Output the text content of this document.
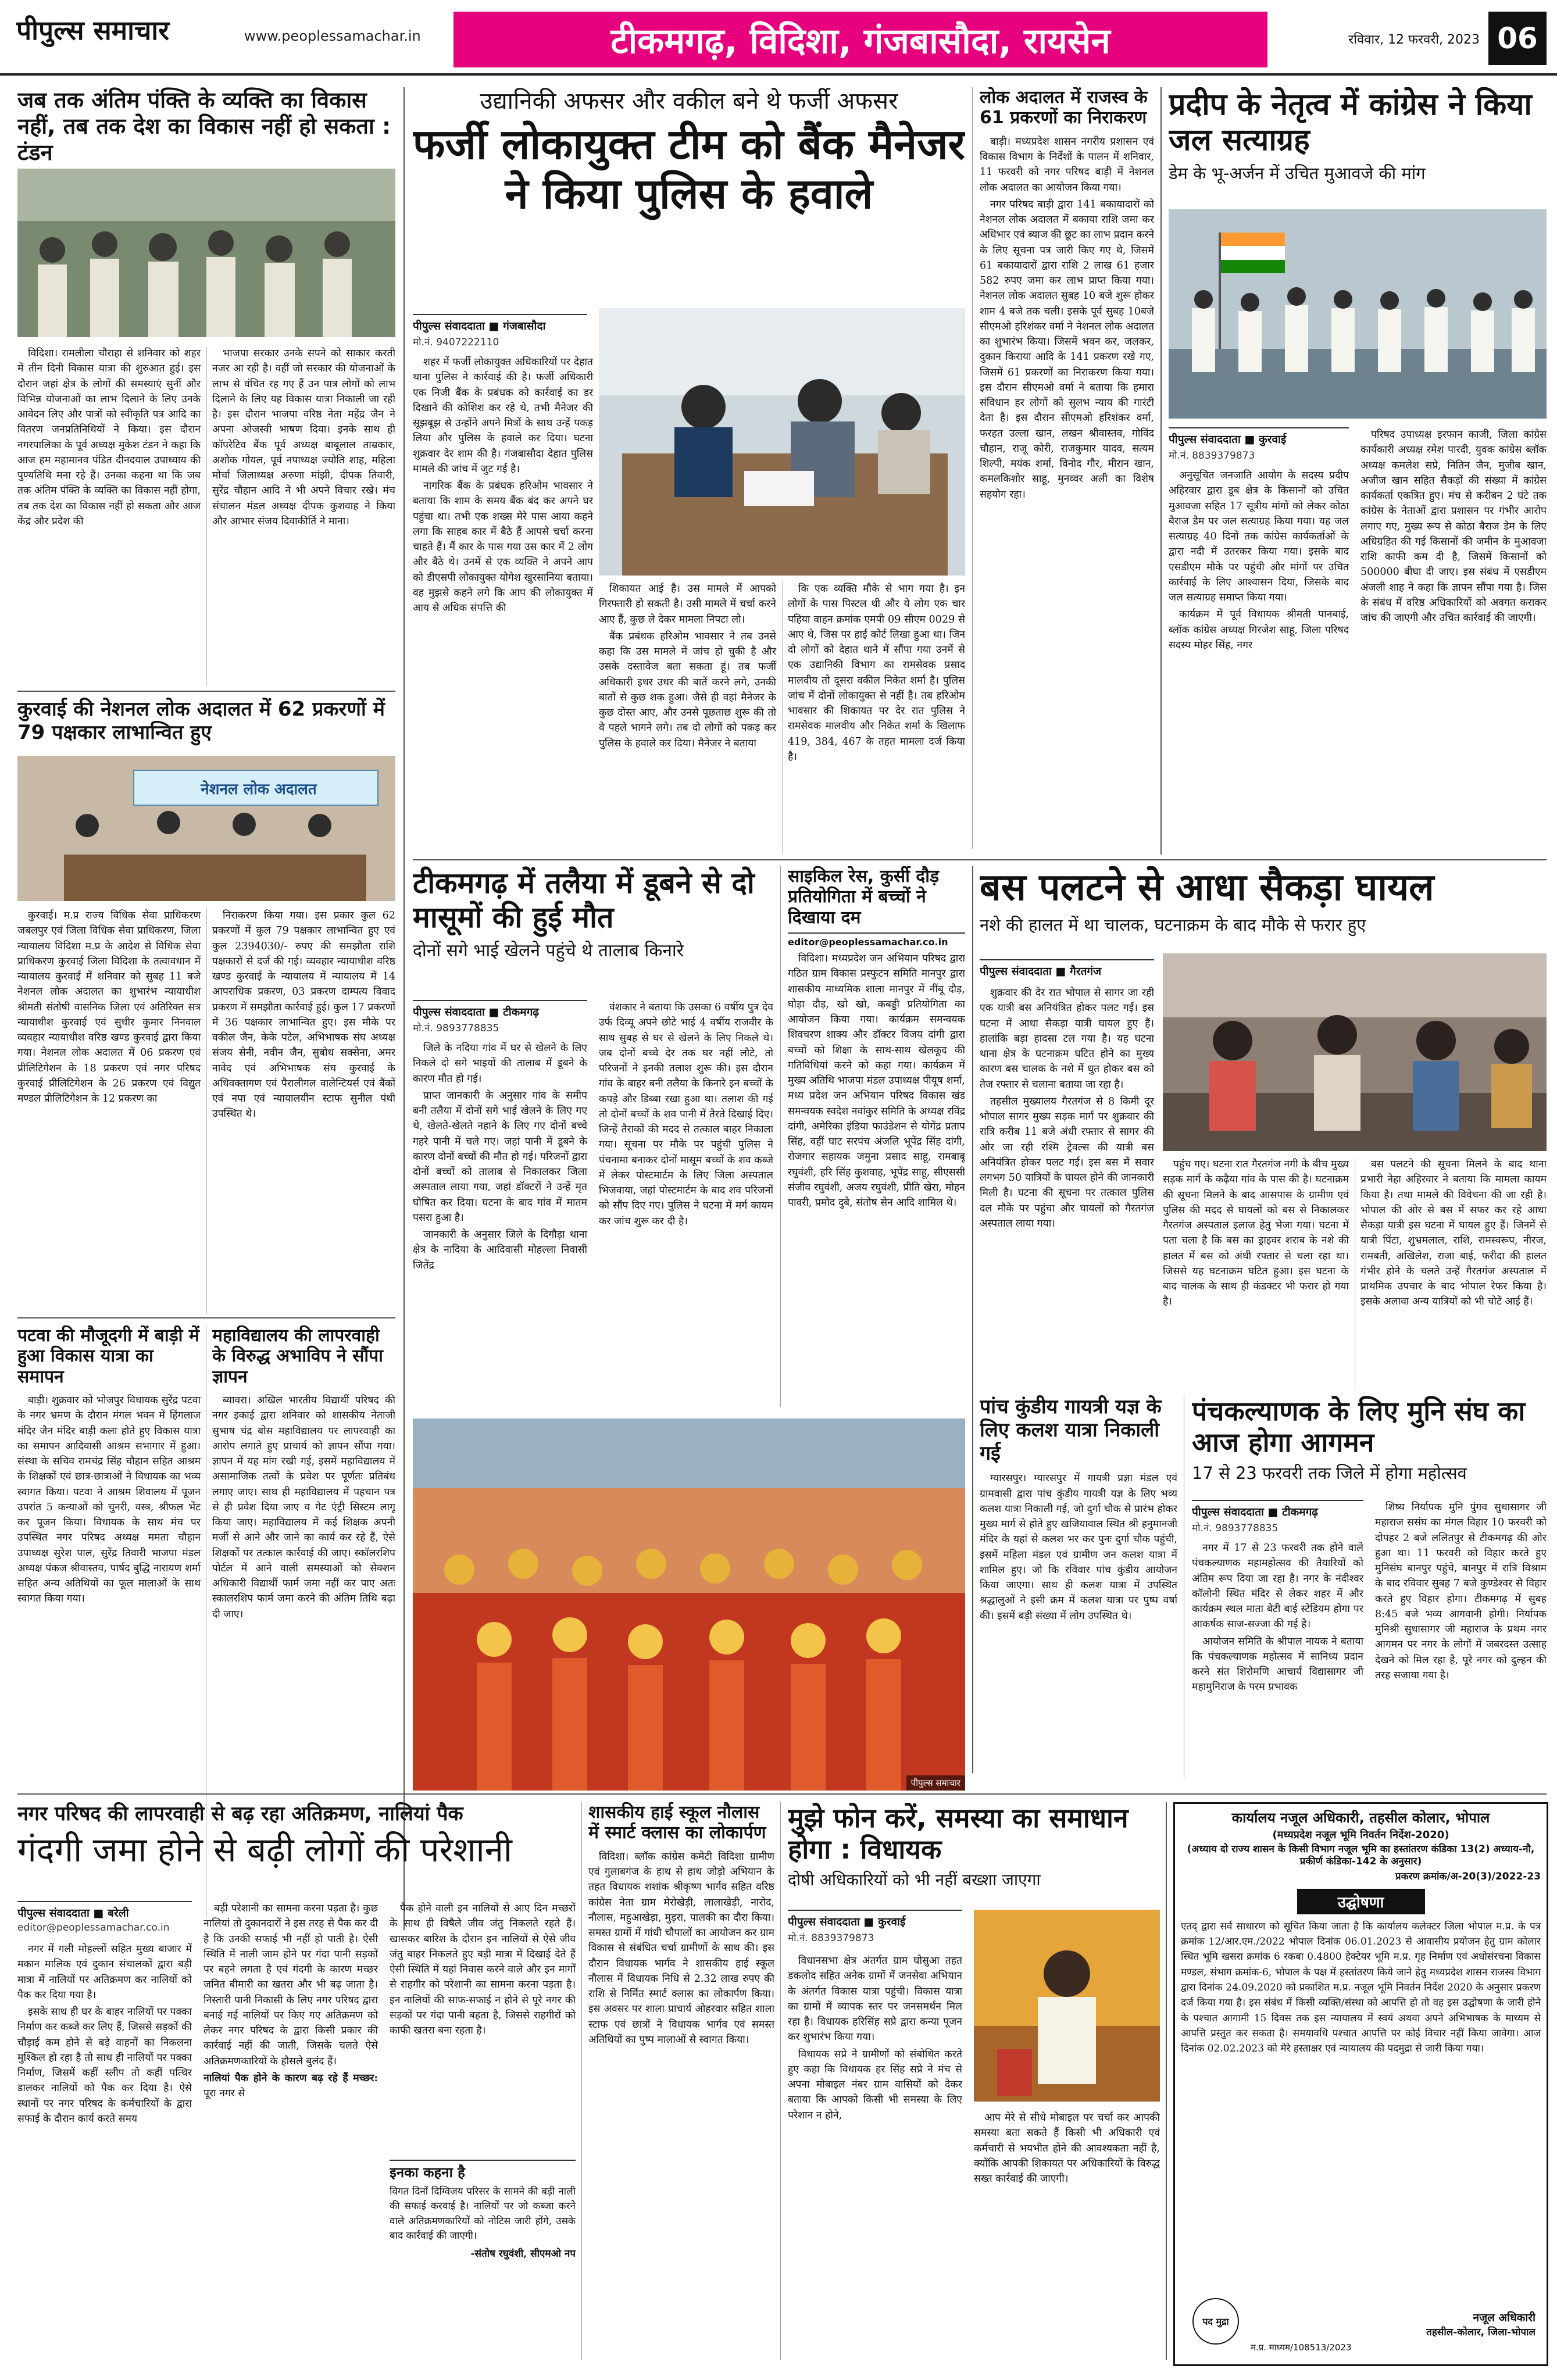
पीपुल्स समाचार	www.peoplessamachar.in	टीकमगढ़, विदिशा, गंजबासौदा, रायसेन	रविवार, 12 फरवरी, 2023 06
जब तक अंतिम पंक्ति के व्यक्ति का विकास नहीं, तब तक देश का विकास नहीं हो सकता : टंडन

विदिशा। रामलीला चौराहा से शनिवार को शहर में तीन दिनी विकास यात्रा की शुरुआत हुई। इस दौरान जहां क्षेत्र के लोगों की समस्याएं सुनीं और विभिन्न योजनाओं का लाभ दिलाने के लिए उनके आवेदन लिए और पात्रों को स्वीकृति पत्र आदि का वितरण जनप्रतिनिधियों ने किया। इस दौरान नगरपालिका के पूर्व अध्यक्ष मुकेश टंडन ने कहा कि आज हम महामानव पंडित दीनदयाल उपाध्याय की पुण्यतिथि मना रहे हैं। उनका कहना था कि जब तक अंतिम पंक्ति के व्यक्ति का विकास नहीं होगा, तब तक देश का विकास नहीं हो सकता और आज केंद्र और प्रदेश की

भाजपा सरकार उनके सपने को साकार करती नजर आ रही है। वहीं जो सरकार की योजनाओं के लाभ से वंचित रह गए हैं उन पात्र लोगों को लाभ दिलाने के लिए यह विकास यात्रा निकाली जा रही है। इस दौरान भाजपा वरिष्ठ नेता महेंद्र जैन ने अपना ओजस्वी भाषण दिया। इनके साथ ही कॉपरेटिव बैंक पूर्व अध्यक्ष बाबूलाल ताम्रकार, अशोक गोयल, पूर्व नपाध्यक्ष ज्योति शाह, महिला मोर्चा जिलाध्यक्ष अरुणा मांझी, दीपक तिवारी, सुरेंद्र चौहान आदि ने भी अपने विचार रखे। मंच संचालन मंडल अध्यक्ष दीपक कुशवाह ने किया और आभार संजय दिवाकीर्ति ने माना।

कुरवाई की नेशनल लोक अदालत में 62 प्रकरणों में 79 पक्षकार लाभान्वित हुए
नेशनल लोक अदालत

कुरवाई। म.प्र राज्य विधिक सेवा प्राधिकरण जबलपुर एवं जिला विधिक सेवा प्राधिकरण, जिला न्यायालय विदिशा म.प्र के आदेश से विधिक सेवा प्राधिकरण कुरवाई जिला विदिशा के तत्वावधान में न्यायालय कुरवाई में शनिवार को सुबह 11 बजे नेशनल लोक अदालत का शुभारंभ न्यायाधीश श्रीमती संतोषी वासनिक जिला एवं अतिरिक्त सत्र न्यायाधीश कुरवाई एवं सुधीर कुमार निनवाल व्यवहार न्यायाधीश वरिष्ठ खण्ड कुरवाई द्वारा किया गया। नेशनल लोक अदालत में 06 प्रकरण एवं प्रीलिटिगेशन के 18 प्रकरण एवं नगर परिषद कुरवाई प्रीलिटिगेशन के 26 प्रकरण एवं विद्युत मण्डल प्रीलिटिगेशन के 12 प्रकरण का

निराकरण किया गया। इस प्रकार कुल 62 प्रकरणों में कुल 79 पक्षकार लाभान्वित हुए एवं कुल 2394030/- रुपए की समझौता राशि पक्षकारों से दर्ज की गई। व्यवहार न्यायाधीश वरिष्ठ खण्ड कुरवाई के न्यायालय में न्यायालय में 14 आपराधिक प्रकरण, 03 प्रकरण दाम्पत्य विवाद प्रकरण में समझौता कार्रवाई हुई। कुल 17 प्रकरणों में 36 पक्षकार लाभान्वित हुए। इस मौके पर वकील जैन, केके पटेल, अभिभाषक संघ अध्यक्ष संजय सेनी, नवीन जैन, सुबोध सक्सेना, अमर नावेद एवं अभिभाषक संघ कुरवाई के अधिवक्तागण एवं पैरालीगल वालेन्टियर्स एवं बैंकों एवं नपा एवं न्यायालयीन स्टाफ सुनील पंथी उपस्थित थे।

पटवा की मौजूदगी में बाड़ी में हुआ विकास यात्रा का समापन

बाड़ी। शुक्रवार को भोजपुर विधायक सुरेंद्र पटवा के नगर भ्रमण के दौरान मंगल भवन में हिंगलाज मंदिर जैन मंदिर बाड़ी कला होते हुए विकास यात्रा का समापन आदिवासी आश्रम सभागार में हुआ। संस्था के सचिव रामचंद्र सिंह चौहान सहित आश्रम के शिक्षकों एवं छात्र-छात्राओं ने विधायक का भव्य स्वागत किया। पटवा ने आश्रम शिवालय में पूजन उपरांत 5 कन्याओं को चुनरी, वस्त्र, श्रीफल भेंट कर पूजन किया। विधायक के साथ मंच पर उपस्थित नगर परिषद अध्यक्ष ममता चौहान उपाध्यक्ष सुरेश पाल, सुरेंद्र तिवारी भाजपा मंडल अध्यक्ष पंकज श्रीवास्तव, पार्षद बुद्धि नारायण शर्मा सहित अन्य अतिथियों का फूल मालाओं के साथ स्वागत किया गया।

महाविद्यालय की लापरवाही के विरुद्ध अभाविप ने सौंपा ज्ञापन

ब्यावरा। अखिल भारतीय विद्यार्थी परिषद की नगर इकाई द्वारा शनिवार को शासकीय नेताजी सुभाष चंद्र बोस महाविद्यालय पर लापरवाही का आरोप लगाते हुए प्राचार्य को ज्ञापन सौंपा गया। ज्ञापन में यह मांग रखी गई, इसमें महाविद्यालय में असामाजिक तत्वों के प्रवेश पर पूर्णतः प्रतिबंध लगाए जाए। साथ ही महाविद्यालय में पहचान पत्र से ही प्रवेश दिया जाए व गेट एंट्री सिस्टम लागू किया जाए। महाविद्यालय में कई शिक्षक अपनी मर्जी से आने और जाने का कार्य कर रहे हैं, ऐसे शिक्षकों पर तत्काल कार्रवाई की जाए। स्कॉलरशिप पोर्टल में आने वाली समस्याओं को सेक्शन अधिकारी विद्यार्थी फार्म जमा नहीं कर पाए अतः स्कालरशिप फार्म जमा करने की अंतिम तिथि बढ़ा दी जाए।

उद्यानिकी अफसर और वकील बने थे फर्जी अफसर
फर्जी लोकायुक्त टीम को बैंक मैनेजर ने किया पुलिस के हवाले
पीपुल्स संवाददाता ■ गंजबासौदा
मो.नं. 9407222110

शहर में फर्जी लोकायुक्त अधिकारियों पर देहात थाना पुलिस ने कार्रवाई की है। फर्जी अधिकारी एक निजी बैंक के प्रबंधक को कार्रवाई का डर दिखाने की कोशिश कर रहे थे, तभी मैनेजर की सूझबूझ से उन्होंने अपने मित्रों के साथ उन्हें पकड़ लिया और पुलिस के हवाले कर दिया। घटना शुक्रवार देर शाम की है। गंजबासौदा देहात पुलिस मामले की जांच में जुट गई है।

नागरिक बैंक के प्रबंधक हरिओम भावसार ने बताया कि शाम के समय बैंक बंद कर अपने घर पहुंचा था। तभी एक शख्स मेरे पास आया कहने लगा कि साहब कार में बैठे हैं आपसे चर्चा करना चाहते हैं। मैं कार के पास गया उस कार में 2 लोग और बैठे थे। उनमें से एक व्यक्ति ने अपने आप को डीएसपी लोकायुक्त योगेश खुरसानिया बताया। वह मुझसे कहने लगे कि आप की लोकायुक्त में आय से अधिक संपत्ति की

शिकायत आई है। उस मामले में आपको गिरफ्तारी हो सकती है। उसी मामले में चर्चा करने आए हैं, कुछ ले देकर मामला निपटा लो।

बैंक प्रबंधक हरिओम भावसार ने तब उनसे कहा कि उस मामले में जांच हो चुकी है और उसके दस्तावेज बता सकता हूं। तब फर्जी अधिकारी इधर उधर की बातें करने लगे, उनकी बातों से कुछ शक हुआ। जैसे ही वहां मैनेजर के कुछ दोस्त आए, और उनसे पूछताछ शुरू की तो वे पहले भागने लगे। तब दो लोगों को पकड़ कर पुलिस के हवाले कर दिया। मैनेजर ने बताया

कि एक व्यक्ति मौके से भाग गया है। इन लोगों के पास पिस्टल थी और ये लोग एक चार पहिया वाहन क्रमांक एमपी 09 सीएम 0029 से आए थे, जिस पर हाई कोर्ट लिखा हुआ था। जिन दो लोगों को देहात थाने में सौंपा गया उनमें से एक उद्यानिकी विभाग का रामसेवक प्रसाद मालवीय तो दूसरा वकील निकेत शर्मा है। पुलिस जांच में दोनों लोकायुक्त से नहीं है। तब हरिओम भावसार की शिकायत पर देर रात पुलिस ने रामसेवक मालवीय और निकेत शर्मा के खिलाफ 419, 384, 467 के तहत मामला दर्ज किया है।

लोक अदालत में राजस्व के 61 प्रकरणों का निराकरण

बाड़ी। मध्यप्रदेश शासन नगरीय प्रशासन एवं विकास विभाग के निर्देशों के पालन में शनिवार, 11 फरवरी को नगर परिषद बाड़ी में नेशनल लोक अदालत का आयोजन किया गया।

नगर परिषद बाड़ी द्वारा 141 बकायादारों को नेशनल लोक अदालत में बकाया राशि जमा कर अधिभार एवं ब्याज की छूट का लाभ प्रदान करने के लिए सूचना पत्र जारी किए गए थे, जिसमें 61 बकायादारों द्वारा राशि 2 लाख 61 हजार 582 रुपए जमा कर लाभ प्राप्त किया गया। नेशनल लोक अदालत सुबह 10 बजे शुरू होकर शाम 4 बजे तक चली। इसके पूर्व सुबह 10बजे सीएमओ हरिशंकर वर्मा ने नेशनल लोक अदालत का शुभारंभ किया। जिसमें भवन कर, जलकर, दुकान किराया आदि के 141 प्रकरण रखे गए, जिसमें 61 प्रकरणों का निराकरण किया गया। इस दौरान सीएमओ वर्मा ने बताया कि हमारा संविधान हर लोगों को सुलभ न्याय की गारंटी देता है। इस दौरान सीएमओ हरिशंकर वर्मा, फरहत उल्ला खान, लखन श्रीवास्तव, गोविंद चौहान, राजू कोरी, राजकुमार यादव, सत्यम शिल्पी, मयंक शर्मा, विनोद गौर, मीरान खान, कमलकिशोर साहू, मुनव्वर अली का विशेष सहयोग रहा।

प्रदीप के नेतृत्व में कांग्रेस ने किया जल सत्याग्रह
डेम के भू-अर्जन में उचित मुआवजे की मांग
पीपुल्स संवाददाता ■ कुरवाई
मो.नं. 8839379873

अनुसूचित जनजाति आयोग के सदस्य प्रदीप अहिरवार द्वारा डूब क्षेत्र के किसानों को उचित मुआवजा सहित 17 सूत्रीय मांगों को लेकर कोठा बैराज डैम पर जल सत्याग्रह किया गया। यह जल सत्याग्रह 40 दिनों तक कांग्रेस कार्यकर्ताओं के द्वारा नदी में उतरकर किया गया। इसके बाद एसडीएम मौके पर पहुंची और मांगों पर उचित कार्रवाई के लिए आश्वासन दिया, जिसके बाद जल सत्याग्रह समाप्त किया गया।

कार्यक्रम में पूर्व विधायक श्रीमती पानबाई, ब्लॉक कांग्रेस अध्यक्ष गिरजेश साहू, जिला परिषद सदस्य मोहर सिंह, नगर

परिषद उपाध्यक्ष इरफान काजी, जिला कांग्रेस कार्यकारी अध्यक्ष रमेश पारदी, युवक कांग्रेस ब्लॉक अध्यक्ष कमलेश सप्रे, नितिन जैन, मुजीब खान, अजीज खान सहित सैकड़ों की संख्या में कांग्रेस कार्यकर्ता एकत्रित हुए। मंच से करीबन 2 घंटे तक कांग्रेस के नेताओं द्वारा प्रशासन पर गंभीर आरोप लगाए गए, मुख्य रूप से कोठा बैराज डेम के लिए अधिग्रहित की गई किसानों की जमीन के मुआवजा राशि काफी कम दी है, जिसमें किसानों को 500000 बीघा दी जाए। इस संबंध में एसडीएम अंजली शाह ने कहा कि ज्ञापन सौंपा गया है। जिस के संबंध में वरिष्ठ अधिकारियों को अवगत कराकर जांच की जाएगी और उचित कार्रवाई की जाएगी।

टीकमगढ़ में तलैया में डूबने से दो मासूमों की हुई मौत
दोनों सगे भाई खेलने पहुंचे थे तालाब किनारे
पीपुल्स संवाददाता ■ टीकमगढ़
मो.नं. 9893778835

जिले के नदिया गांव में घर से खेलने के लिए निकले दो सगे भाइयों की तालाब में डूबने के कारण मौत हो गई।

प्राप्त जानकारी के अनुसार गांव के समीप बनी तलैया में दोनों सगे भाई खेलने के लिए गए थे, खेलते-खेलते नहाने के लिए गए दोनों बच्चे गहरे पानी में चले गए। जहां पानी में डूबने के कारण दोनों बच्चों की मौत हो गई। परिजनों द्वारा दोनों बच्चों को तालाब से निकालकर जिला अस्पताल लाया गया, जहां डॉक्टरों ने उन्हें मृत घोषित कर दिया। घटना के बाद गांव में मातम पसरा हुआ है।

जानकारी के अनुसार जिले के दिगौड़ा थाना क्षेत्र के नादिया के आदिवासी मोहल्ला निवासी जितेंद्र

वंशकार ने बताया कि उसका 6 वर्षीय पुत्र देव उर्फ दिव्यू अपने छोटे भाई 4 वर्षीय राजवीर के साथ सुबह से घर से खेलने के लिए निकले थे। जब दोनों बच्चे देर तक घर नहीं लौटे, तो परिजनों ने इनकी तलाश शुरू की। इस दौरान गांव के बाहर बनी तलैया के किनारे इन बच्चों के कपड़े और डिब्बा रखा हुआ था। तलाश की गई तो दोनों बच्चों के शव पानी में तैरते दिखाई दिए। जिन्हें तैराकों की मदद से तत्काल बाहर निकाला गया। सूचना पर मौके पर पहुंची पुलिस ने पंचनामा बनाकर दोनों मासूम बच्चों के शव कब्जे में लेकर पोस्टमार्टम के लिए जिला अस्पताल भिजवाया, जहां पोस्टमार्टम के बाद शव परिजनों को सौंप दिए गए। पुलिस ने घटना में मर्ग कायम कर जांच शुरू कर दी है।

साइकिल रेस, कुर्सी दौड़ प्रतियोगिता में बच्चों ने दिखाया दम
editor@peoplessamachar.co.in

विदिशा। मध्यप्रदेश जन अभियान परिषद द्वारा गठित ग्राम विकास प्रस्फुटन समिति मानपुर द्वारा शासकीय माध्यमिक शाला मानपुर में नींबू दौड़, घोड़ा दौड़, खो खो, कबड्डी प्रतियोगिता का आयोजन किया गया। कार्यक्रम समन्वयक शिवचरण शाक्य और डॉक्टर विजय दांगी द्वारा बच्चों को शिक्षा के साथ-साथ खेलकूद की गतिविधियां करने को कहा गया। कार्यक्रम में मुख्य अतिथि भाजपा मंडल उपाध्यक्ष पीयूष शर्मा, मध्य प्रदेश जन अभियान परिषद विकास खंड समन्वयक स्वदेश नवांकुर समिति के अध्यक्ष रविंद्र दांगी, अमेरिका इंडिया फाउंडेशन से योगेंद्र प्रताप सिंह, वहीं घाट सरपंच अंजलि भूपेंद्र सिंह दांगी, रोजगार सहायक जमुना प्रसाद साहू, रामबाबू रघुवंशी, हरि सिंह कुशवाह, भूपेंद्र साहू, सीएससी संजीव रघुवंशी, अजय रघुवंशी, प्रीति खेरा, मोहन पावरी, प्रमोद दुबे, संतोष सेन आदि शामिल थे।

बस पलटने से आधा सैकड़ा घायल
नशे की हालत में था चालक, घटनाक्रम के बाद मौके से फरार हुए
पीपुल्स संवाददाता ■ गैरतगंज

शुक्रवार की देर रात भोपाल से सागर जा रही एक यात्री बस अनियंत्रित होकर पलट गई। इस घटना में आधा सैकड़ा यात्री घायल हुए हैं। हालांकि बड़ा हादसा टल गया है। यह घटना थाना क्षेत्र के घटनाक्रम घटित होने का मुख्य कारण बस चालक के नशे में धुत होकर बस को तेज रफ्तार से चलाना बताया जा रहा है।

तहसील मुख्यालय गैरतगंज से 8 किमी दूर भोपाल सागर मुख्य सड़क मार्ग पर शुक्रवार की रात्रि करीब 11 बजे अंधी रफ्तार से सागर की ओर जा रही रश्मि ट्रेवल्स की यात्री बस अनियंत्रित होकर पलट गई। इस बस में सवार लगभग 50 यात्रियों के घायल होने की जानकारी मिली है। घटना की सूचना पर तत्काल पुलिस दल मौके पर पहुंचा और घायलों को गैरतगंज अस्पताल लाया गया।

पहुंच गए। घटना रात गैरतगंज नगी के बीच मुख्य सड़क मार्ग के कढ़ैया गांव के पास की है। घटनाक्रम की सूचना मिलने के बाद आसपास के ग्रामीण एवं पुलिस की मदद से घायलों को बस से निकालकर गैरतगंज अस्पताल इलाज हेतु भेजा गया। घटना में पता चला है कि बस का ड्राइवर शराब के नशे की हालत में बस को अंधी रफ्तार से चला रहा था। जिससे यह घटनाक्रम घटित हुआ। इस घटना के बाद चालक के साथ ही कंडक्टर भी फरार हो गया है।

बस पलटने की सूचना मिलने के बाद थाना प्रभारी नेहा अहिरवार ने बताया कि मामला कायम किया है। तथा मामले की विवेचना की जा रही है। भोपाल की ओर से बस में सफर कर रहे आधा सैकड़ा यात्री इस घटना में घायल हुए हैं। जिनमें से यात्री पिंटा, शुभ्रमलाल, राशि, रामस्वरूप, नीरज, रामबती, अखिलेश, राजा बाई, फरीदा की हालत गंभीर होने के चलते उन्हें गैरतगंज अस्पताल में प्राथमिक उपचार के बाद भोपाल रेफर किया है। इसके अलावा अन्य यात्रियों को भी चोटें आई हैं।

पीपुल्स समाचार
पांच कुंडीय गायत्री यज्ञ के लिए कलश यात्रा निकाली गई

ग्यारसपुर। ग्यारसपुर में गायत्री प्रज्ञा मंडल एवं ग्रामवासी द्वारा पांच कुंडीय गायत्री यज्ञ के लिए भव्य कलश यात्रा निकाली गई, जो दुर्गा चौक से प्रारंभ होकर मुख्य मार्ग से होते हुए खजियावाल स्थित श्री हनुमानजी मंदिर के यहां से कलश भर कर पुनः दुर्गा चौक पहुंची, इसमें महिला मंडल एवं ग्रामीण जन कलश यात्रा में शामिल हुए। जो कि रविवार पांच कुंडीय आयोजन किया जाएगा। साथ ही कलश यात्रा में उपस्थित श्रद्धालुओं ने इसी क्रम में कलश यात्रा पर पुष्प वर्षा की। इसमें बड़ी संख्या में लोग उपस्थित थे।

पंचकल्याणक के लिए मुनि संघ का आज होगा आगमन
17 से 23 फरवरी तक जिले में होगा महोत्सव
पीपुल्स संवाददाता ■ टीकमगढ़
मो.नं. 9893778835

नगर में 17 से 23 फरवरी तक होने वाले पंचकल्याणक महामहोत्सव की तैयारियों को अंतिम रूप दिया जा रहा है। नगर के नंदीश्वर कॉलोनी स्थित मंदिर से लेकर शहर में और कार्यक्रम स्थल माता बेटी बाई स्टेडियम होगा पर आकर्षक साज-सज्जा की गई है।

आयोजन समिति के श्रीपाल नायक ने बताया कि पंचकल्याणक महोत्सव में सानिध्य प्रदान करने संत शिरोमणि आचार्य विद्यासागर जी महामुनिराज के परम प्रभावक

शिष्य निर्यापक मुनि पुंगव सुधासागर जी महाराज ससंघ का मंगल विहार 10 फरवरी को दोपहर 2 बजे ललितपुर से टीकमगढ़ की ओर हुआ था। 11 फरवरी को विहार करते हुए मुनिसंघ बानपुर पहुंचे, बानपुर में रात्रि विश्राम के बाद रविवार सुबह 7 बजे कुण्डेश्वर से विहार करते हुए विहार होगा। टीकमगढ़ में सुबह 8:45 बजे भव्य आगवानी होगी। निर्यापक मुनिश्री सुधासागर जी महाराज के प्रथम नगर आगमन पर नगर के लोगों में जबरदस्त उत्साह देखने को मिल रहा है, पूरे नगर को दुल्हन की तरह सजाया गया है।

नगर परिषद की लापरवाही से बढ़ रहा अतिक्रमण, नालियां पैक
गंदगी जमा होने से बढ़ी लोगों की परेशानी
पीपुल्स संवाददाता ■ बरेली
editor@peoplessamachar.co.in

नगर में गली मोहल्लों सहित मुख्य बाजार में मकान मालिक एवं दुकान संचालकों द्वारा बड़ी मात्रा में नालियों पर अतिक्रमण कर नालियों को पैक कर दिया गया है।

इसके साथ ही घर के बाहर नालियों पर पक्का निर्माण कर कब्जे कर लिए हैं, जिससे सड़कों की चौड़ाई कम होने से बड़े वाहनों का निकलना मुश्किल हो रहा है तो साथ ही नालियों पर पक्का निर्माण, जिसमें कहीं स्लीप तो कहीं पत्थिर डालकर नालियों को पैक कर दिया है। ऐसे स्थानों पर नगर परिषद के कर्मचारियों के द्वारा सफाई के दौरान कार्य करते समय

बड़ी परेशानी का सामना करना पड़ता है। कुछ नालियां तो दुकानदारों ने इस तरह से पैक कर दी है कि उनकी सफाई भी नहीं हो पाती है। ऐसी स्थिति में नाली जाम होने पर गंदा पानी सड़कों पर बहने लगता है एवं गंदगी के कारण मच्छर जनित बीमारी का खतरा और भी बढ़ जाता है। निस्तारी पानी निकासी के लिए नगर परिषद द्वारा बनाई गई नालियों पर किए गए अतिक्रमण को लेकर नगर परिषद के द्वारा किसी प्रकार की कार्रवाई नहीं की जाती, जिसके चलते ऐसे अतिक्रमणकारियों के हौसले बुलंद हैं।

नालियां पैक होने के कारण बढ़ रहे हैं मच्छर: पूरा नगर से

पैक होने वाली इन नालियों से आए दिन मच्छरों के साथ ही विषैले जीव जंतु निकलते रहते हैं। खासकर बारिश के दौरान इन नालियों से ऐसे जीव जंतु बाहर निकलते हुए बड़ी मात्रा में दिखाई देते हैं ऐसी स्थिति में यहां निवास करने वाले और इन मार्गों से राहगीर को परेशानी का सामना करना पड़ता है। इन नालियों की साफ-सफाई न होने से पूरे नगर की सड़कों पर गंदा पानी बहता है, जिससे राहगीरों को काफी खतरा बना रहता है।

इनका कहना है
विगत दिनों दिग्विजय परिसर के सामने की बड़ी नाली की सफाई करवाई है। नालियों पर जो कब्जा करने वाले अतिक्रमणकारियों को नोटिस जारी होंगे, उसके बाद कार्रवाई की जाएगी।
-संतोष रघुवंशी, सीएमओ नप
शासकीय हाई स्कूल नौलास में स्मार्ट क्लास का लोकार्पण

विदिशा। ब्लॉक कांग्रेस कमेटी विदिशा ग्रामीण एवं गुलाबगंज के हाथ से हाथ जोड़ो अभियान के तहत विधायक शशांक श्रीकृष्ण भार्गव सहित वरिष्ठ कांग्रेस नेता ग्राम मेरोखेड़ी, लालाखेड़ी, नारोद, नौलास, महुआखेड़ा, मुड़रा, पालकी का दौरा किया। समस्त ग्रामों में गांधी चौपालों का आयोजन कर ग्राम विकास से संबंधित चर्चा ग्रामीणों के साथ की। इस दौरान विधायक भार्गव ने शासकीय हाई स्कूल नौलास में विधायक निधि से 2.32 लाख रुपए की राशि से निर्मित स्मार्ट क्लास का लोकार्पण किया। इस अवसर पर शाला प्राचार्य ओहरवार सहित शाला स्टाफ एवं छात्रों ने विधायक भार्गव एवं समस्त अतिथियों का पुष्प मालाओं से स्वागत किया।

मुझे फोन करें, समस्या का समाधान होगा : विधायक
दोषी अधिकारियों को भी नहीं बख्शा जाएगा
पीपुल्स संवाददाता ■ कुरवाई
मो.नं. 8839379873

विधानसभा क्षेत्र अंतर्गत ग्राम घोसुआ तहत डकलोद सहित अनेक ग्रामों में जनसेवा अभियान के अंतर्गत विकास यात्रा पहुंची। विकास यात्रा का ग्रामों में व्यापक स्तर पर जनसमर्थन मिल रहा है। विधायक हरिसिंह सप्रे द्वारा कन्या पूजन कर शुभारंभ किया गया।

विधायक सप्रे ने ग्रामीणों को संबोधित करते हुए कहा कि विधायक हर सिंह सप्रे ने मंच से अपना मोबाइल नंबर ग्राम वासियों को देकर बताया कि आपको किसी भी समस्या के लिए परेशान न होने,	आप मेरे से सीधे मोबाइल पर चर्चा कर आपकी समस्या बता सकते हैं किसी भी अधिकारी एवं कर्मचारी से भयभीत होने की आवश्यकता नहीं है, क्योंकि आपकी शिकायत पर अधिकारियों के विरुद्ध सख्त कार्रवाई की जाएगी।

कार्यालय नजूल अधिकारी, तहसील कोलार, भोपाल
(मध्यप्रदेश नजूल भूमि निवर्तन निर्देश-2020)
(अध्याय दो राज्य शासन के किसी विभाग नजूल भूमि का हस्तांतरण कंडिका 13(2) अध्याय-नौ, प्रकीर्ण कंडिका-142 के अनुसार)
प्रकरण क्रमांक/अ-20(3)/2022-23
उद्घोषणा
एतद् द्वारा सर्व साधारण को सूचित किया जाता है कि कार्यालय कलेक्टर जिला भोपाल म.प्र. के पत्र क्रमांक 12/आर.एम./2022 भोपाल दिनांक 06.01.2023 से आवासीय प्रयोजन हेतु ग्राम कोलार स्थित भूमि खसरा क्रमांक 6 रकबा 0.4800 हेक्टेयर भूमि म.प्र. गृह निर्माण एवं अधोसंरचना विकास मण्डल, संभाग क्रमांक-6, भोपाल के पक्ष में हस्तांतरण किये जाने हेतु मध्यप्रदेश शासन राजस्व विभाग द्वारा दिनांक 24.09.2020 को प्रकाशित म.प्र. नजूल भूमि निवर्तन निर्देश 2020 के अनुसार प्रकरण दर्ज किया गया है। इस संबंध में किसी व्यक्ति/संस्था को आपत्ति हो तो वह इस उद्घोषणा के जारी होने के पश्चात आगामी 15 दिवस तक इस न्यायालय में स्वयं अथवा अपने अभिभाषक के माध्यम से आपत्ति प्रस्तुत कर सकता है। समयावधि पश्चात आपत्ति पर कोई विचार नहीं किया जावेगा। आज दिनांक 02.02.2023 को मेरे हस्ताक्षर एवं न्यायालय की पदमुद्रा से जारी किया गया।
पद मुद्रा	नजूल अधिकारी
तहसील-कोलार, जिला-भोपाल
म.प्र. माध्यम/108513/2023
